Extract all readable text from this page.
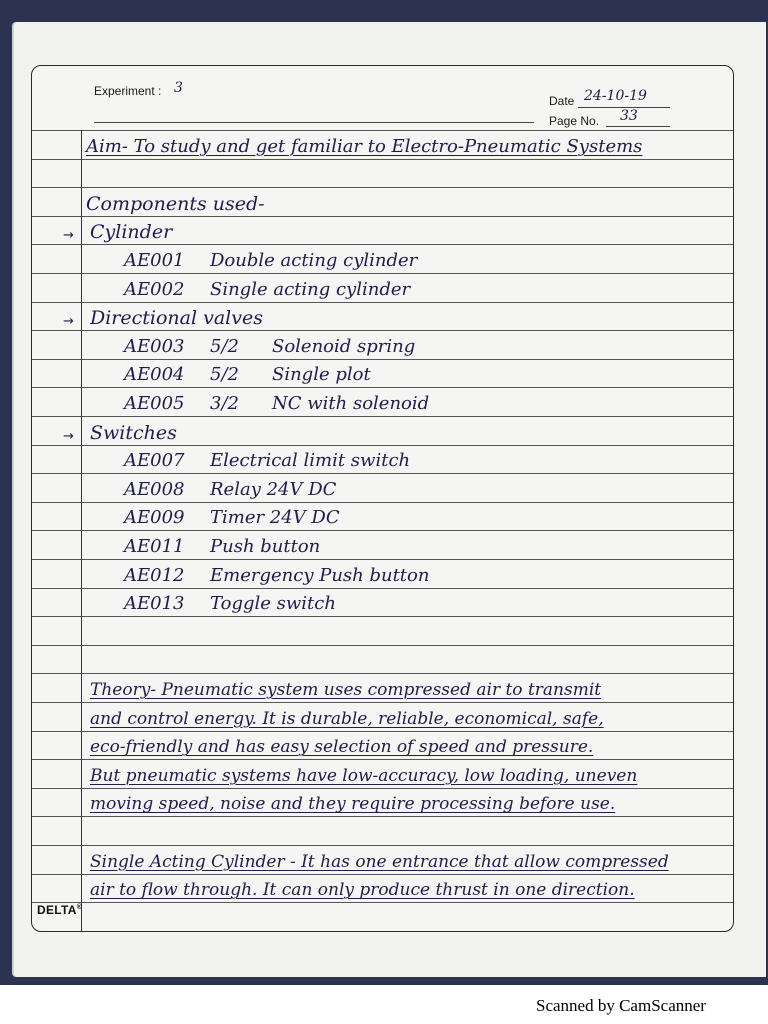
Experiment : 3
Date 24-10-19
Page No. 33
Aim- To study and get familiar to Electro-Pneumatic Systems
Components used-
→ Cylinder
AE001 Double acting cylinder
AE002 Single acting cylinder
→ Directional valves
AE003 5/2 Solenoid spring
AE004 5/2 Single plot
AE005 3/2 NC with solenoid
→ Switches
AE007 Electrical limit switch
AE008 Relay 24V DC
AE009 Timer 24V DC
AE011 Push button
AE012 Emergency Push button
AE013 Toggle switch
Theory- Pneumatic system uses compressed air to transmit
and control energy. It is durable, reliable, economical, safe,
eco-friendly and has easy selection of speed and pressure.
But pneumatic systems have low-accuracy, low loading, uneven
moving speed, noise and they require processing before use.
Single Acting Cylinder - It has one entrance that allow compressed
air to flow through. It can only produce thrust in one direction.
DELTA®
Scanned by CamScanner
